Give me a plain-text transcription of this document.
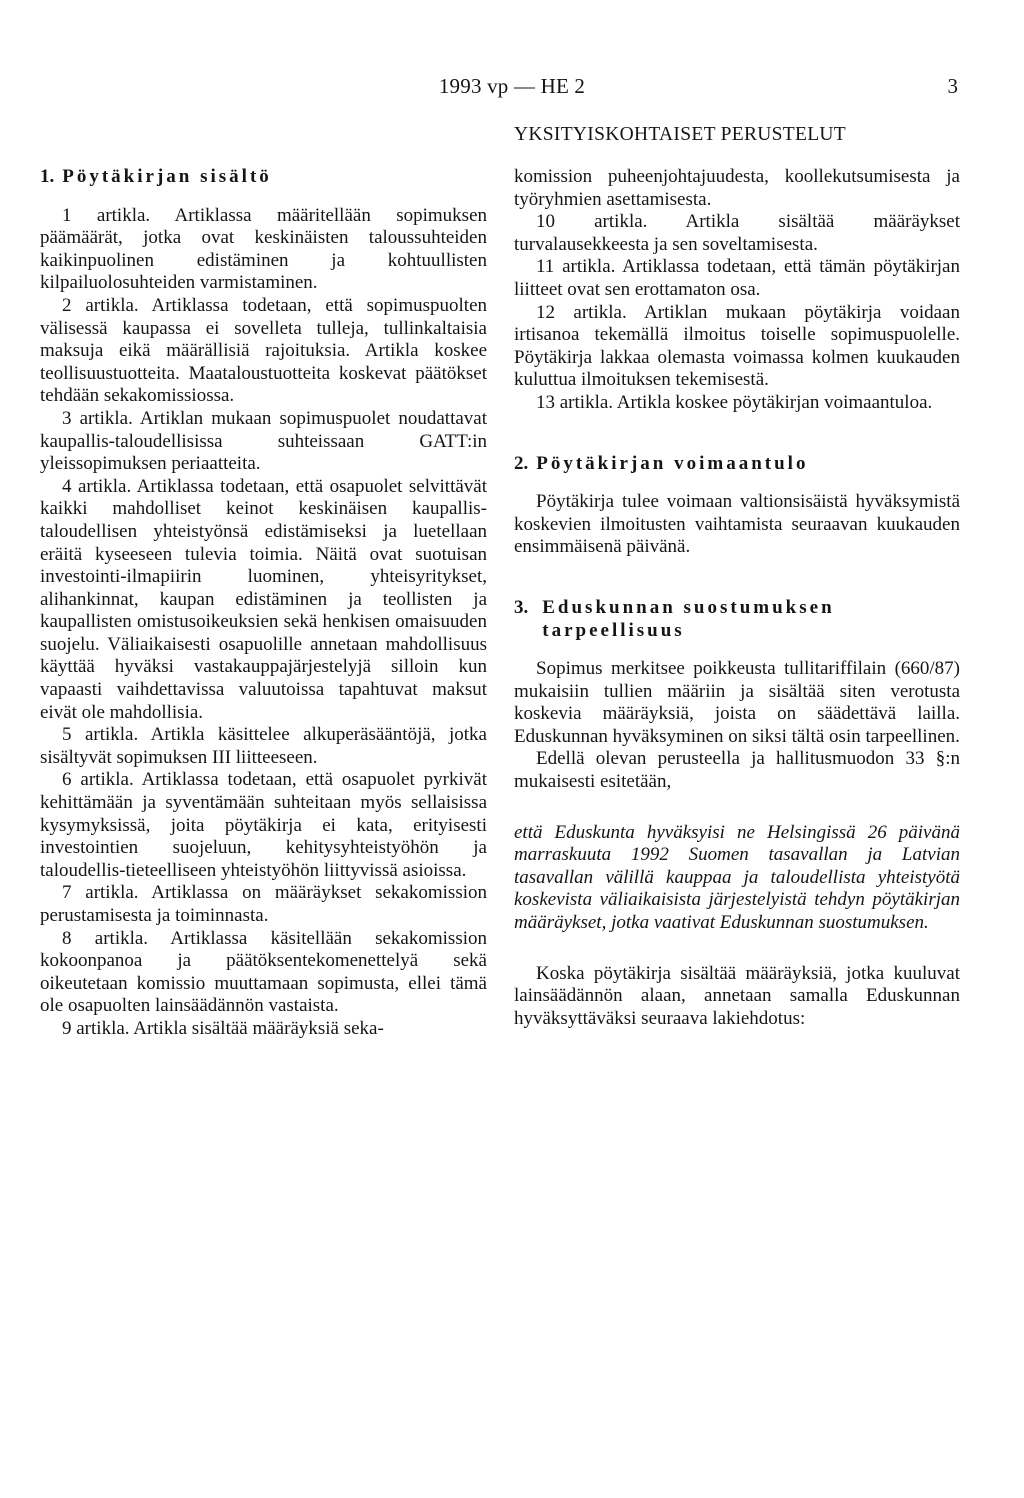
1993 vp — HE 2	3
YKSITYISKOHTAISET PERUSTELUT
1. Pöytäkirjan sisältö

1 artikla. Artiklassa määritellään sopimuksen päämäärät, jotka ovat keskinäisten taloussuhteiden kaikinpuolinen edistäminen ja kohtuullisten kilpailuolosuhteiden varmistaminen.

2 artikla. Artiklassa todetaan, että sopimuspuolten välisessä kaupassa ei sovelleta tulleja, tullinkaltaisia maksuja eikä määrällisiä rajoituksia. Artikla koskee teollisuustuotteita. Maataloustuotteita koskevat päätökset tehdään sekakomissiossa.

3 artikla. Artiklan mukaan sopimuspuolet noudattavat kaupallis-taloudellisissa suhteissaan GATT:in yleissopimuksen periaatteita.

4 artikla. Artiklassa todetaan, että osapuolet selvittävät kaikki mahdolliset keinot keskinäisen kaupallis-taloudellisen yhteistyönsä edistämiseksi ja luetellaan eräitä kyseeseen tulevia toimia. Näitä ovat suotuisan investointi-ilmapiirin luominen, yhteisyritykset, alihankinnat, kaupan edistäminen ja teollisten ja kaupallisten omistusoikeuksien sekä henkisen omaisuuden suojelu. Väliaikaisesti osapuolille annetaan mahdollisuus käyttää hyväksi vastakauppajärjestelyjä silloin kun vapaasti vaihdettavissa valuutoissa tapahtuvat maksut eivät ole mahdollisia.

5 artikla. Artikla käsittelee alkuperäsääntöjä, jotka sisältyvät sopimuksen III liitteeseen.

6 artikla. Artiklassa todetaan, että osapuolet pyrkivät kehittämään ja syventämään suhteitaan myös sellaisissa kysymyksissä, joita pöytäkirja ei kata, erityisesti investointien suojeluun, kehitysyhteistyöhön ja taloudellis-tieteelliseen yhteistyöhön liittyvissä asioissa.

7 artikla. Artiklassa on määräykset sekakomission perustamisesta ja toiminnasta.

8 artikla. Artiklassa käsitellään sekakomission kokoonpanoa ja päätöksentekomenettelyä sekä oikeutetaan komissio muuttamaan sopimusta, ellei tämä ole osapuolten lainsäädännön vastaista.

9 artikla. Artikla sisältää määräyksiä seka-

komission puheenjohtajuudesta, koollekutsumisesta ja työryhmien asettamisesta.

10 artikla. Artikla sisältää määräykset turvalausekkeesta ja sen soveltamisesta.

11 artikla. Artiklassa todetaan, että tämän pöytäkirjan liitteet ovat sen erottamaton osa.

12 artikla. Artiklan mukaan pöytäkirja voidaan irtisanoa tekemällä ilmoitus toiselle sopimuspuolelle. Pöytäkirja lakkaa olemasta voimassa kolmen kuukauden kuluttua ilmoituksen tekemisestä.

13 artikla. Artikla koskee pöytäkirjan voimaantuloa.

2. Pöytäkirjan voimaantulo

Pöytäkirja tulee voimaan valtionsisäistä hyväksymistä koskevien ilmoitusten vaihtamista seuraavan kuukauden ensimmäisenä päivänä.

3. Eduskunnan suostumuksen tarpeellisuus

Sopimus merkitsee poikkeusta tullitariffilain (660/87) mukaisiin tullien määriin ja sisältää siten verotusta koskevia määräyksiä, joista on säädettävä lailla. Eduskunnan hyväksyminen on siksi tältä osin tarpeellinen.

Edellä olevan perusteella ja hallitusmuodon 33 §:n mukaisesti esitetään,

että Eduskunta hyväksyisi ne Helsingissä 26 päivänä marraskuuta 1992 Suomen tasavallan ja Latvian tasavallan välillä kauppaa ja taloudellista yhteistyötä koskevista väliaikaisista järjestelyistä tehdyn pöytäkirjan määräykset, jotka vaativat Eduskunnan suostumuksen.

Koska pöytäkirja sisältää määräyksiä, jotka kuuluvat lainsäädännön alaan, annetaan samalla Eduskunnan hyväksyttäväksi seuraava lakiehdotus:
